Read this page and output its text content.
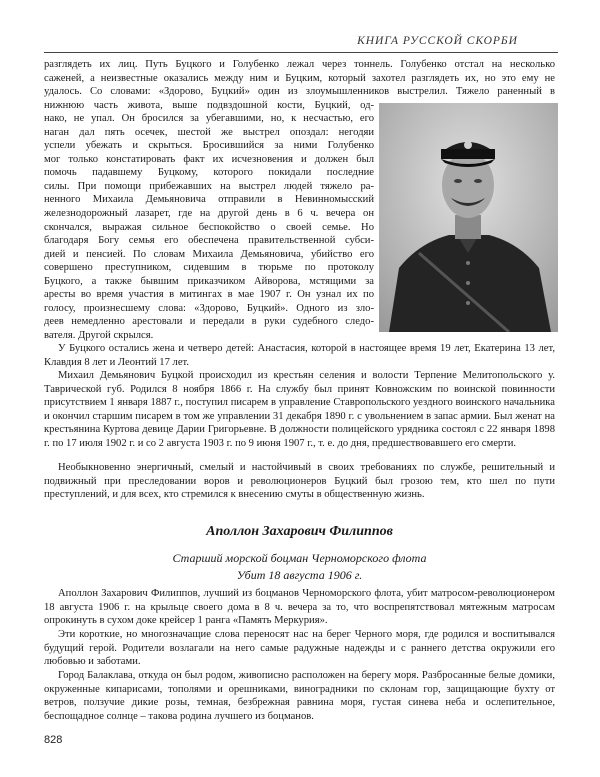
КНИГА РУССКОЙ СКОРБИ

разглядеть их лиц. Путь Буцкого и Голубенко лежал через тоннель. Голубенко отстал на несколько

саженей, а неизвестные оказались между ним и Буцким, который захотел разглядеть их, но это ему не

удалось. Со словами: «Здорово, Буцкий» один из злоумышленников выстрелил. Тяжело раненный в

нижнюю часть живота, выше подвздошной кости, Буцкий, од-

нако, не упал. Он бросился за убегавшими, но, к несчастью, его

наган дал пять осечек, шестой же выстрел опоздал: негодяи

успели убежать и скрыться. Бросившийся за ними Голубенко

мог только констатировать факт их исчезновения и должен был

помочь падавшему Буцкому, которого покидали последние

силы. При помощи прибежавших на выстрел людей тяжело ра-

ненного Михаила Демьяновича отправили в Невинномысский

железнодорожный лазарет, где на другой день в 6 ч. вечера он

скончался, выражая сильное беспокойство о своей семье. Но

благодаря Богу семья его обеспечена правительственной субси-

дией и пенсией. По словам Михаила Демьяновича, убийство его

совершено преступником, сидевшим в тюрьме по протоколу

Буцкого, а также бывшим приказчиком Айворова, мстящими за

аресты во время участия в митингах в мае 1907 г. Он узнал их по

голосу, произнесшему слова: «Здорово, Буцкий». Одного из зло-

деев немедленно арестовали и передали в руки судебного следо-

вателя. Другой скрылся.

У Буцкого остались жена и четверо детей: Анастасия, которой в настоящее время 19 лет, Екатерина 13 лет, Клавдия 8 лет и Леонтий 17 лет.

Михаил Демьянович Буцкой происходил из крестьян селения и волости Терпение Мелитопольского у. Таврической губ. Родился 8 ноября 1866 г. На службу был принят Ковножским по воинской повинности присутствием 1 января 1887 г., поступил писарем в управление Ставропольского уездного воинского начальника и окончил старшим писарем в том же управлении 31 декабря 1890 г. с увольнением в запас армии. Был женат на крестьянина Куртова девице Дарии Григорьевне. В должности полицейского урядника состоял с 22 января 1898 г. по 17 июля 1902 г. и со 2 августа 1903 г. по 9 июня 1907 г., т. е. до дня, предшествовавшего его смерти.

Необыкновенно энергичный, смелый и настойчивый в своих требованиях по службе, решительный и подвижный при преследовании воров и революционеров Буцкий был грозою тем, кто шел по пути преступлений, и для всех, кто стремился к внесению смуты в общественную жизнь.

Аполлон Захарович Филиппов

Старший морской боцман Черноморского флота

Убит 18 августа 1906 г.

Аполлон Захарович Филиппов, лучший из боцманов Черноморского флота, убит матросом-революционером 18 августа 1906 г. на крыльце своего дома в 8 ч. вечера за то, что воспрепятствовал мятежным матросам опрокинуть в сухом доке крейсер 1 ранга «Память Меркурия».

Эти короткие, но многозначащие слова переносят нас на берег Черного моря, где родился и воспитывался будущий герой. Родители возлагали на него самые радужные надежды и с раннего детства окружили его любовью и заботами.

Город Балаклава, откуда он был родом, живописно расположен на берегу моря. Разбросанные белые домики, окруженные кипарисами, тополями и орешниками, виноградники по склонам гор, защищающие бухту от ветров, ползучие дикие розы, темная, безбрежная равнина моря, густая синева неба и ослепительное, беспощадное солнце – такова родина лучшего из боцманов.

828
